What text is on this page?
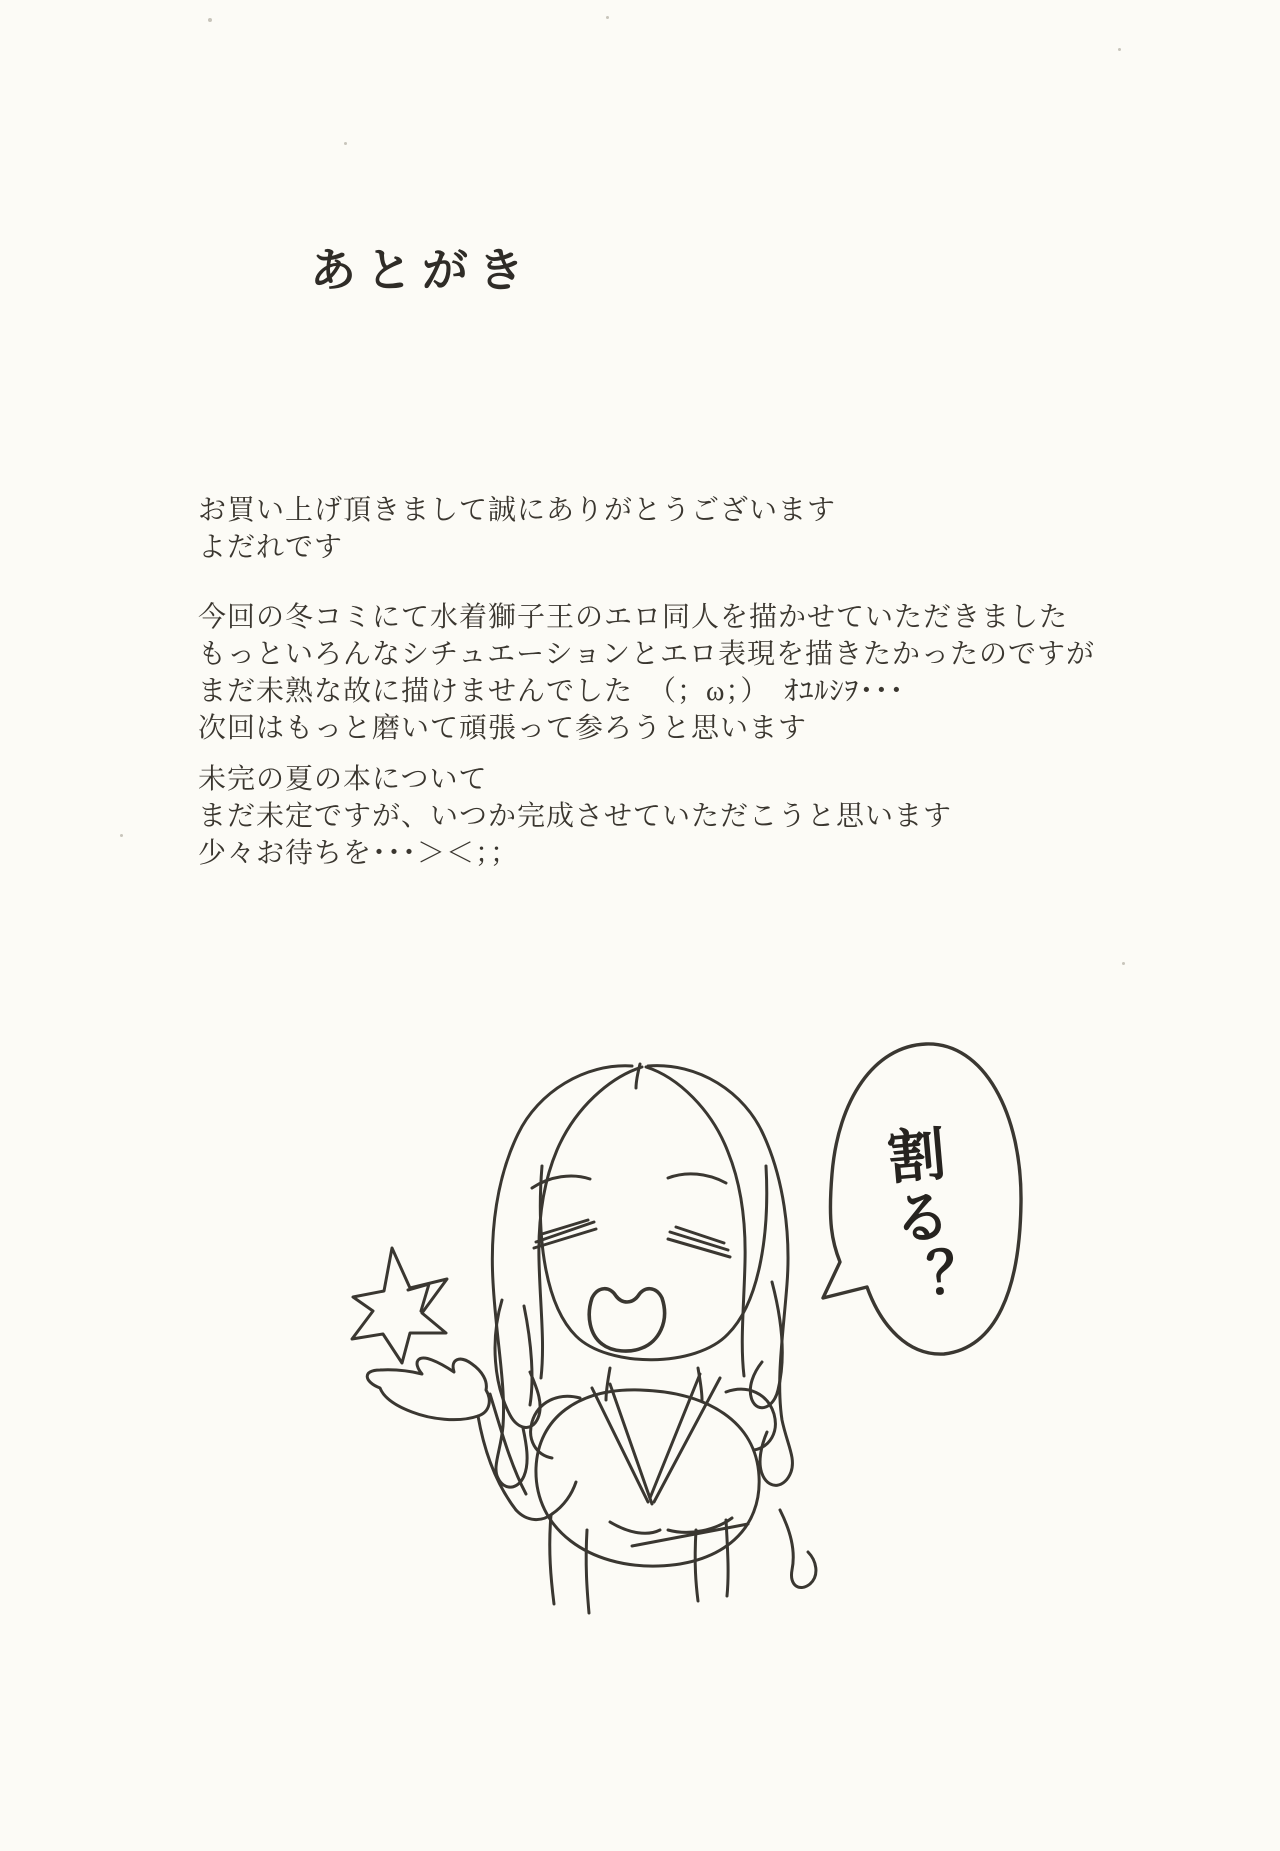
あとがき
お買い上げ頂きまして誠にありがとうございます
よだれです
今回の冬コミにて水着獅子王のエロ同人を描かせていただきました
もっといろんなシチュエーションとエロ表現を描きたかったのですが
まだ未熟な故に描けませんでした　（；ω；）　ｵﾕﾙｼｦ･･･
次回はもっと磨いて頑張って参ろうと思います
未完の夏の本について
まだ未定ですが、いつか完成させていただこうと思います
少々お待ちを･･･＞＜；；
割る？
